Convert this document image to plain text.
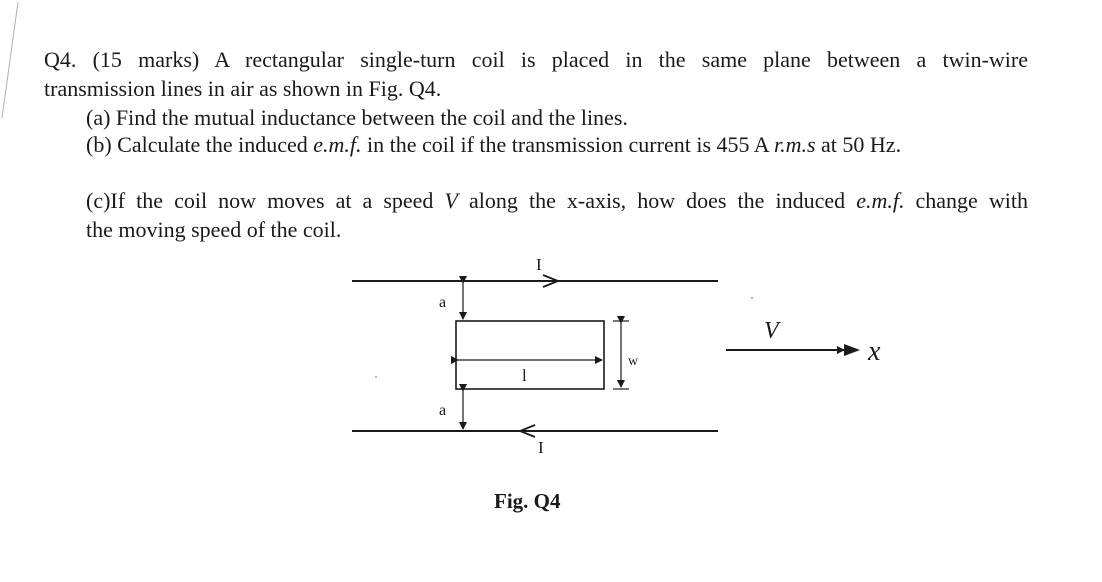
Q4. (15 marks) A rectangular single-turn coil is placed in the same plane between a twin-wire
transmission lines in air as shown in Fig. Q4.
(a) Find the mutual inductance between the coil and the lines.
(b) Calculate the induced e.m.f. in the coil if the transmission current is 455 A r.m.s at 50 Hz.
(c)If the coil now moves at a speed V along the x-axis, how does the induced e.m.f. change with
the moving speed of the coil.
I
I
a
a
l
w
V
x
Fig. Q4
